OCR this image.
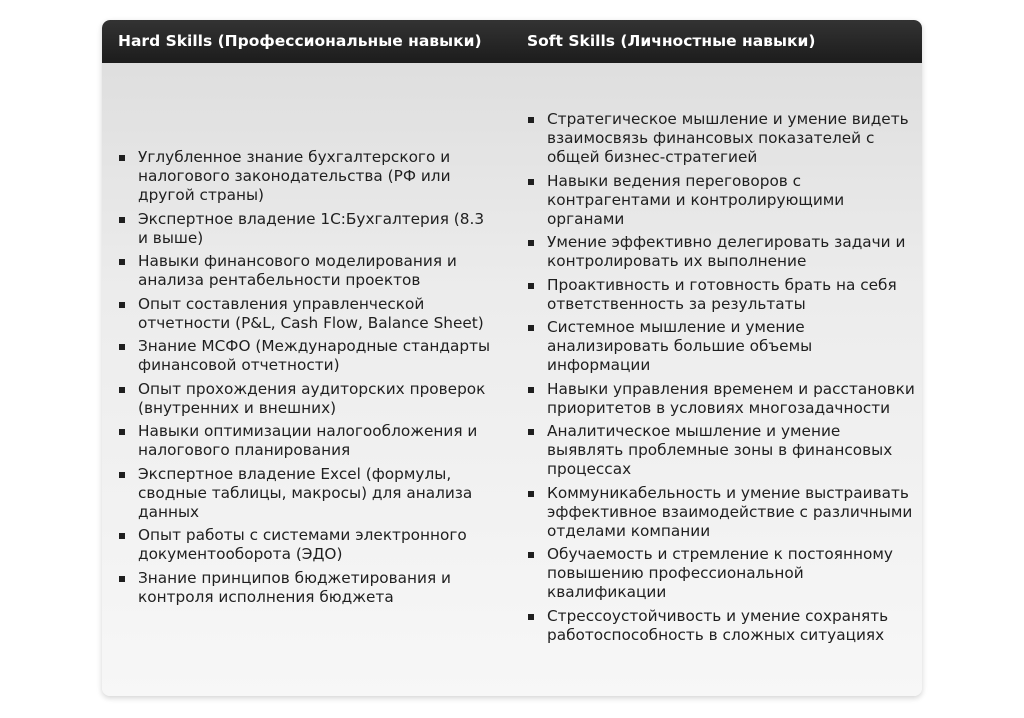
Hard Skills (Профессиональные навыки)	Soft Skills (Личностные навыки)
Углубленное знание бухгалтерского и налогового законодательства (РФ или другой страны)
Экспертное владение 1С:Бухгалтерия (8.3 и выше)
Навыки финансового моделирования и анализа рентабельности проектов
Опыт составления управленческой отчетности (P&L, Cash Flow, Balance Sheet)
Знание МСФО (Международные стандарты финансовой отчетности)
Опыт прохождения аудиторских проверок (внутренних и внешних)
Навыки оптимизации налогообложения и налогового планирования
Экспертное владение Excel (формулы, сводные таблицы, макросы) для анализа данных
Опыт работы с системами электронного документооборота (ЭДО)
Знание принципов бюджетирования и контроля исполнения бюджета
Стратегическое мышление и умение видеть взаимосвязь финансовых показателей с общей бизнес-стратегией
Навыки ведения переговоров с контрагентами и контролирующими органами
Умение эффективно делегировать задачи и контролировать их выполнение
Проактивность и готовность брать на себя ответственность за результаты
Системное мышление и умение анализировать большие объемы информации
Навыки управления временем и расстановки приоритетов в условиях многозадачности
Аналитическое мышление и умение выявлять проблемные зоны в финансовых процессах
Коммуникабельность и умение выстраивать эффективное взаимодействие с различными отделами компании
Обучаемость и стремление к постоянному повышению профессиональной квалификации
Стрессоустойчивость и умение сохранять работоспособность в сложных ситуациях
